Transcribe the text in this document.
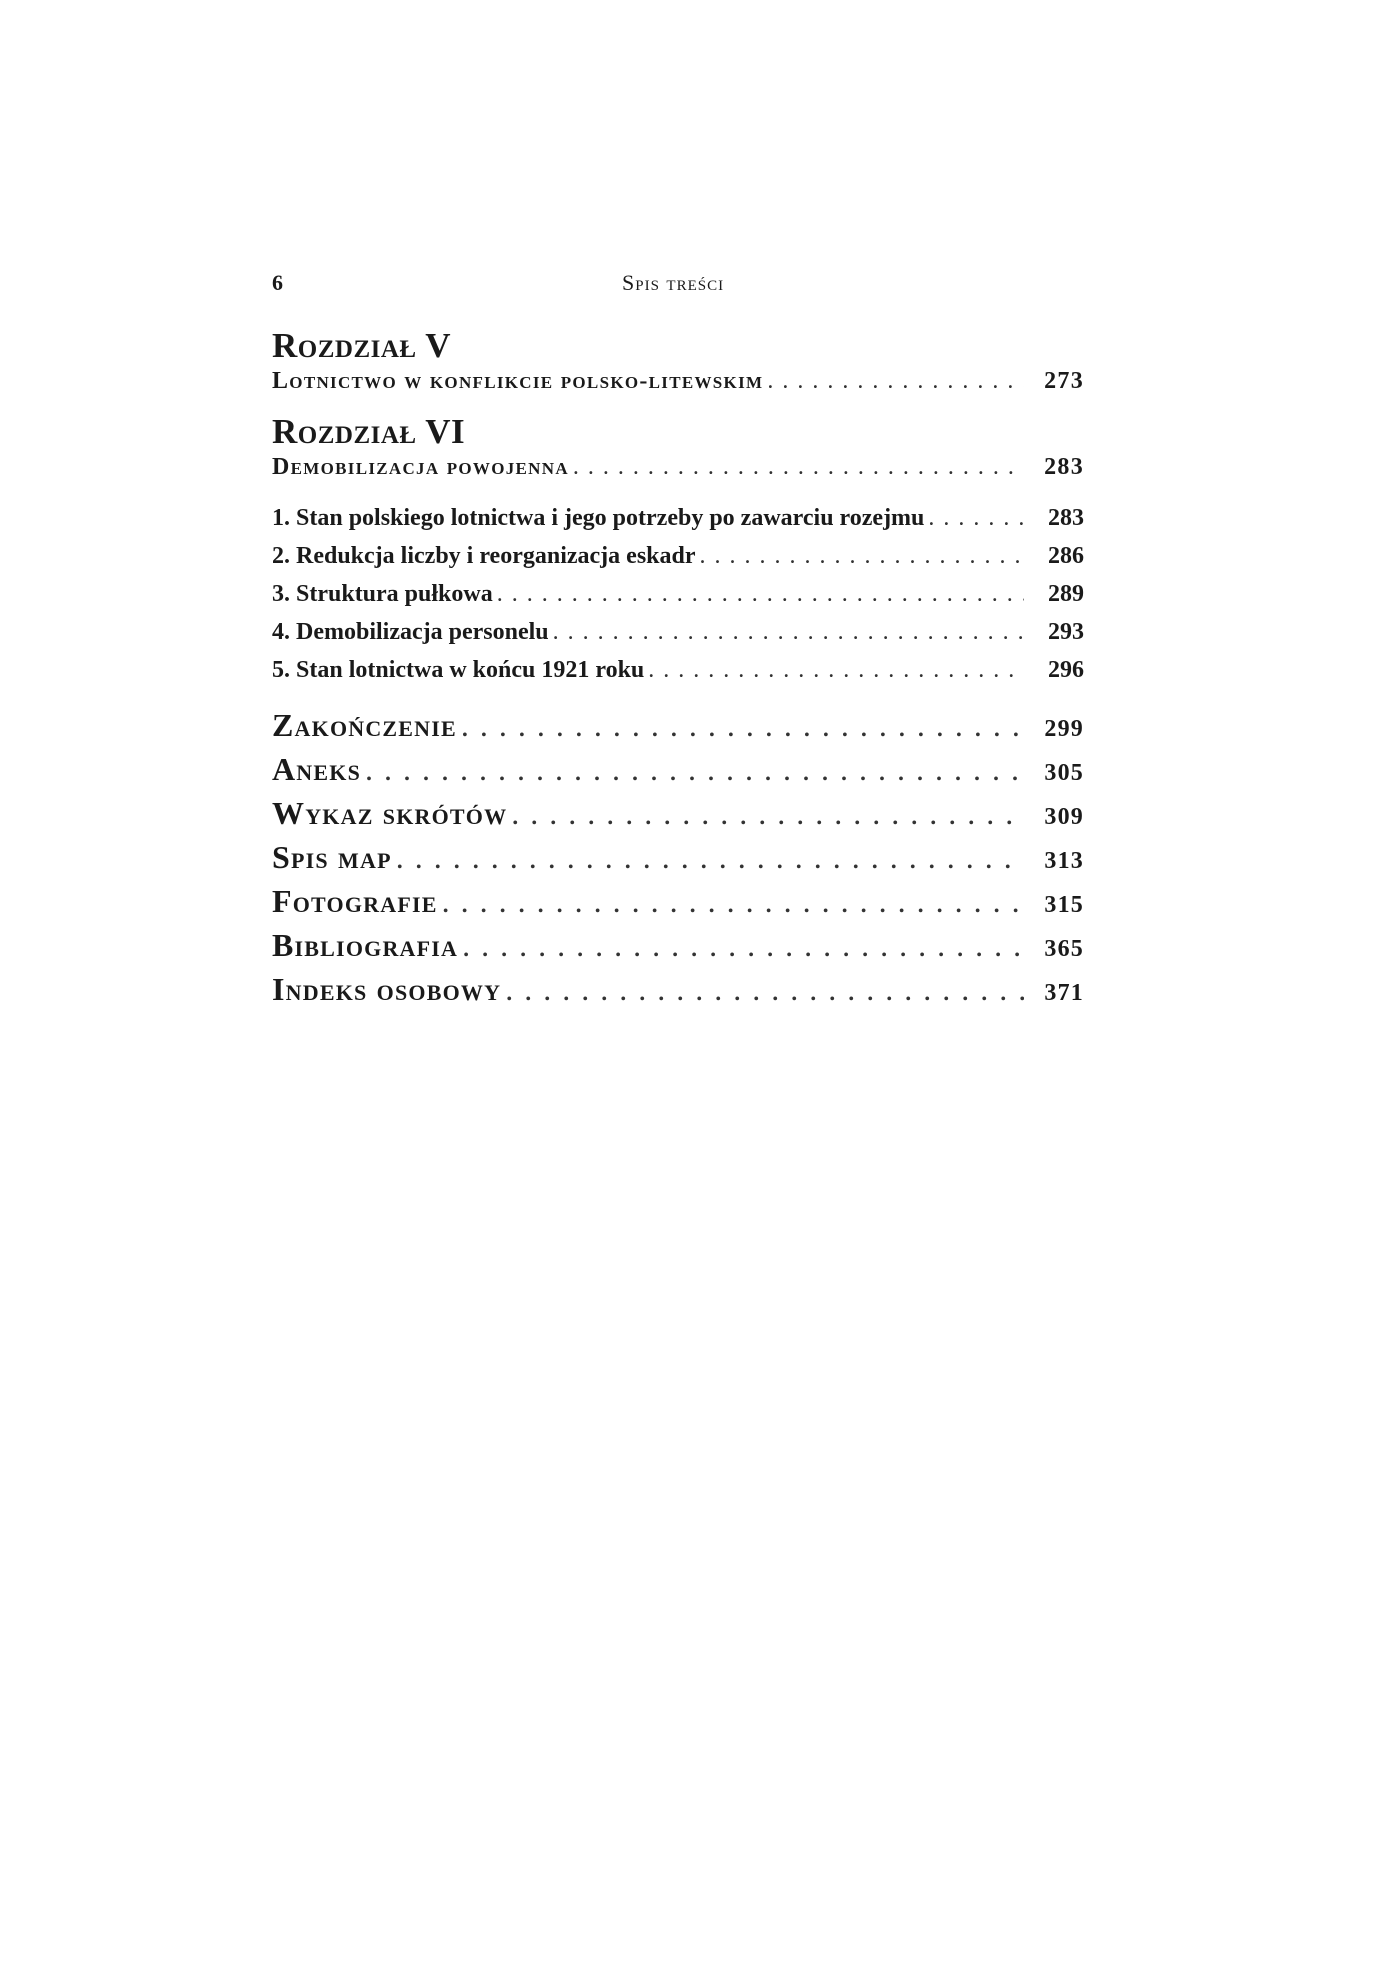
6	Spis treści
Rozdział V
Lotnictwo w konflikcie polsko-litewskim . . .	273
Rozdział VI
Demobilizacja powojenna . . .	283
1. Stan polskiego lotnictwa i jego potrzeby po zawarciu rozejmu . . .	283
2. Redukcja liczby i reorganizacja eskadr . . .	286
3. Struktura pułkowa . . .	289
4. Demobilizacja personelu . . .	293
5. Stan lotnictwa w końcu 1921 roku . . .	296
Zakończenie . . .	299
Aneks . . .	305
Wykaz skrótów . . .	309
Spis map . . .	313
Fotografie . . .	315
Bibliografia . . .	365
Indeks osobowy . . .	371
